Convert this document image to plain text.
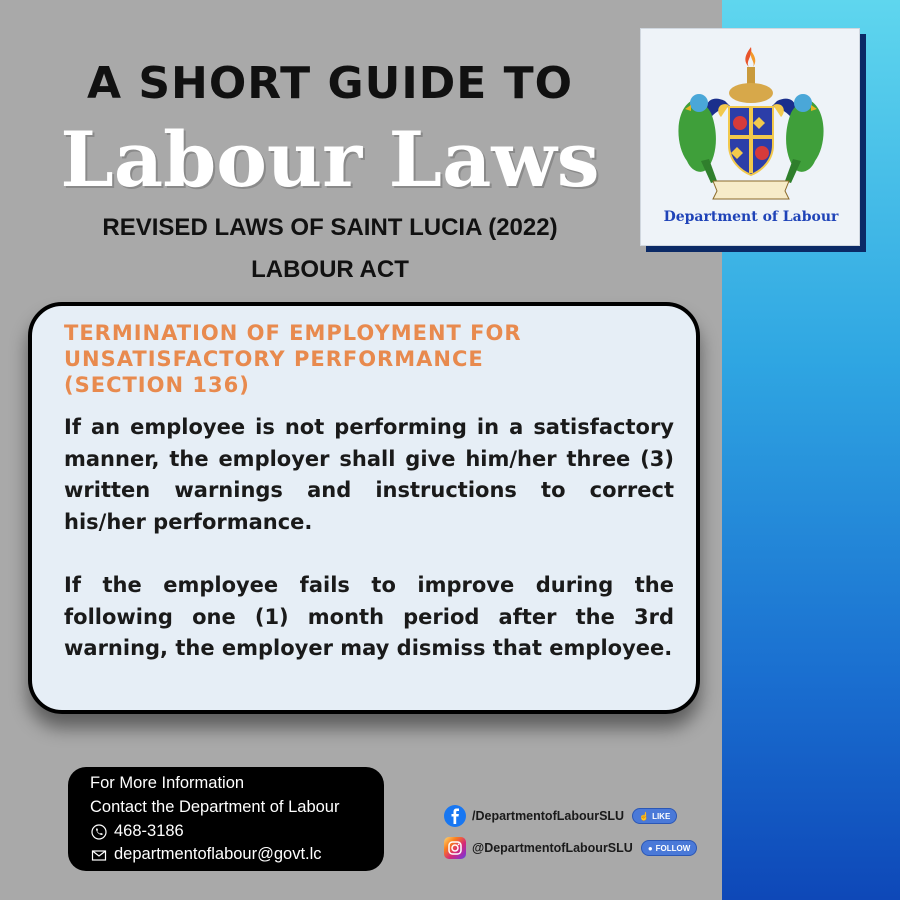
A SHORT GUIDE TO
Labour Laws
REVISED LAWS OF SAINT LUCIA (2022)
LABOUR ACT
Department of Labour
TERMINATION OF EMPLOYMENT FOR
UNSATISFACTORY PERFORMANCE
(SECTION 136)
If an employee is not performing in a satisfactory manner, the employer shall give him/her three (3) written warnings and instructions to correct his/her performance.
If the employee fails to improve during the following one (1) month period after the 3rd warning, the employer may dismiss that employee.
For More Information
Contact the Department of Labour
468-3186
departmentoflabour@govt.lc
/DepartmentofLabourSLU ☝ LIKE
@DepartmentofLabourSLU ● FOLLOW
